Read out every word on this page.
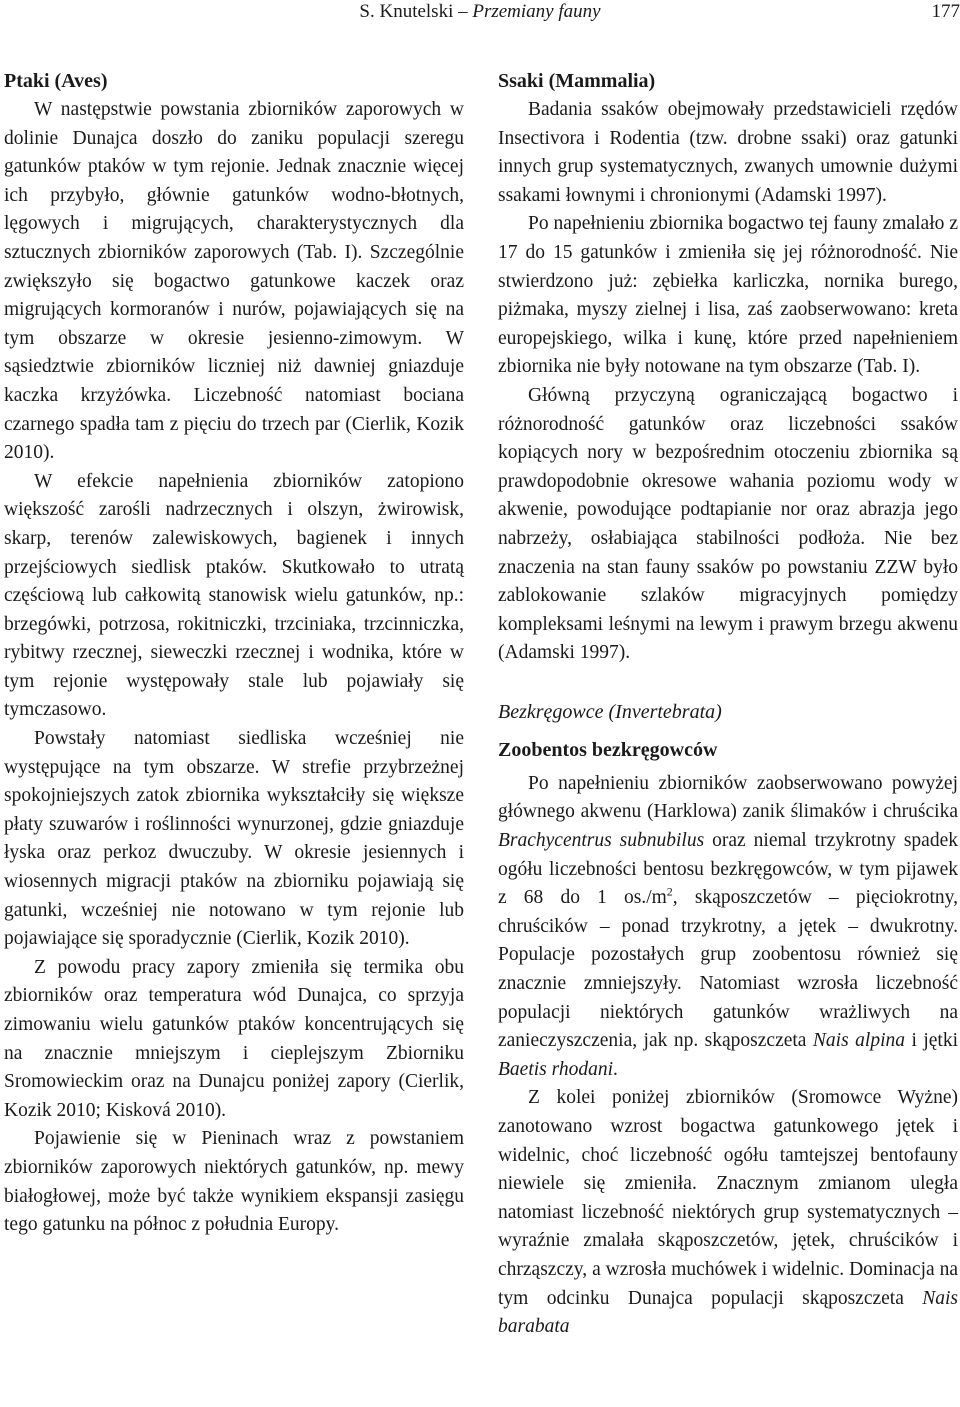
S. Knutelski – Przemiany fauny	177
Ptaki (Aves)

W następstwie powstania zbiorników zaporowych w dolinie Dunajca doszło do zaniku populacji szeregu gatunków ptaków w tym rejonie. Jednak znacznie więcej ich przybyło, głównie gatunków wodno-błotnych, lęgowych i migrujących, charakterystycznych dla sztucznych zbiorników zaporowych (Tab. I). Szczególnie zwiększyło się bogactwo gatunkowe kaczek oraz migrujących kormoranów i nurów, pojawiających się na tym obszarze w okresie jesienno-zimowym. W sąsiedztwie zbiorników liczniej niż dawniej gniazduje kaczka krzyżówka. Liczebność natomiast bociana czarnego spadła tam z pięciu do trzech par (Cierlik, Kozik 2010).

W efekcie napełnienia zbiorników zatopiono większość zarośli nadrzecznych i olszyn, żwirowisk, skarp, terenów zalewiskowych, bagienek i innych przejściowych siedlisk ptaków. Skutkowało to utratą częściową lub całkowitą stanowisk wielu gatunków, np.: brzegówki, potrzosa, rokitniczki, trzciniaka, trzcinniczka, rybitwy rzecznej, sieweczki rzecznej i wodnika, które w tym rejonie występowały stale lub pojawiały się tymczasowo.

Powstały natomiast siedliska wcześniej nie występujące na tym obszarze. W strefie przybrzeżnej spokojniejszych zatok zbiornika wykształciły się większe płaty szuwarów i roślinności wynurzonej, gdzie gniazduje łyska oraz perkoz dwuczuby. W okresie jesiennych i wiosennych migracji ptaków na zbiorniku pojawiają się gatunki, wcześniej nie notowano w tym rejonie lub pojawiające się sporadycznie (Cierlik, Kozik 2010).

Z powodu pracy zapory zmieniła się termika obu zbiorników oraz temperatura wód Dunajca, co sprzyja zimowaniu wielu gatunków ptaków koncentrujących się na znacznie mniejszym i cieplejszym Zbiorniku Sromowieckim oraz na Dunajcu poniżej zapory (Cierlik, Kozik 2010; Kisková 2010).

Pojawienie się w Pieninach wraz z powstaniem zbiorników zaporowych niektórych gatunków, np. mewy białogłowej, może być także wynikiem ekspansji zasięgu tego gatunku na północ z południa Europy.

Ssaki (Mammalia)

Badania ssaków obejmowały przedstawicieli rzędów Insectivora i Rodentia (tzw. drobne ssaki) oraz gatunki innych grup systematycznych, zwanych umownie dużymi ssakami łownymi i chronionymi (Adamski 1997).

Po napełnieniu zbiornika bogactwo tej fauny zmalało z 17 do 15 gatunków i zmieniła się jej różnorodność. Nie stwierdzono już: zębiełka karliczka, nornika burego, piżmaka, myszy zielnej i lisa, zaś zaobserwowano: kreta europejskiego, wilka i kunę, które przed napełnieniem zbiornika nie były notowane na tym obszarze (Tab. I).

Główną przyczyną ograniczającą bogactwo i różnorodność gatunków oraz liczebności ssaków kopiących nory w bezpośrednim otoczeniu zbiornika są prawdopodobnie okresowe wahania poziomu wody w akwenie, powodujące podtapianie nor oraz abrazja jego nabrzeży, osłabiająca stabilności podłoża. Nie bez znaczenia na stan fauny ssaków po powstaniu ZZW było zablokowanie szlaków migracyjnych pomiędzy kompleksami leśnymi na lewym i prawym brzegu akwenu (Adamski 1997).

Bezkręgowce (Invertebrata)
Zoobentos bezkręgowców

Po napełnieniu zbiorników zaobserwowano powyżej głównego akwenu (Harklowa) zanik ślimaków i chruścika Brachycentrus subnubilus oraz niemal trzykrotny spadek ogółu liczebności bentosu bezkręgowców, w tym pijawek z 68 do 1 $os./m^2$, skąposzczetów – pięciokrotny, chruścików – ponad trzykrotny, a jętek – dwukrotny. Populacje pozostałych grup zoobentosu również się znacznie zmniejszyły. Natomiast wzrosła liczebność populacji niektórych gatunków wrażliwych na zanieczyszczenia, jak np. skąposzczeta Nais alpina i jętki Baetis rhodani.

Z kolei poniżej zbiorników (Sromowce Wyżne) zanotowano wzrost bogactwa gatunkowego jętek i widelnic, choć liczebność ogółu tamtejszej bentofauny niewiele się zmieniła. Znacznym zmianom uległa natomiast liczebność niektórych grup systematycznych – wyraźnie zmalała skąposzczetów, jętek, chruścików i chrząszczy, a wzrosła muchówek i widelnic. Dominacja na tym odcinku Dunajca populacji skąposzczeta Nais barabata
